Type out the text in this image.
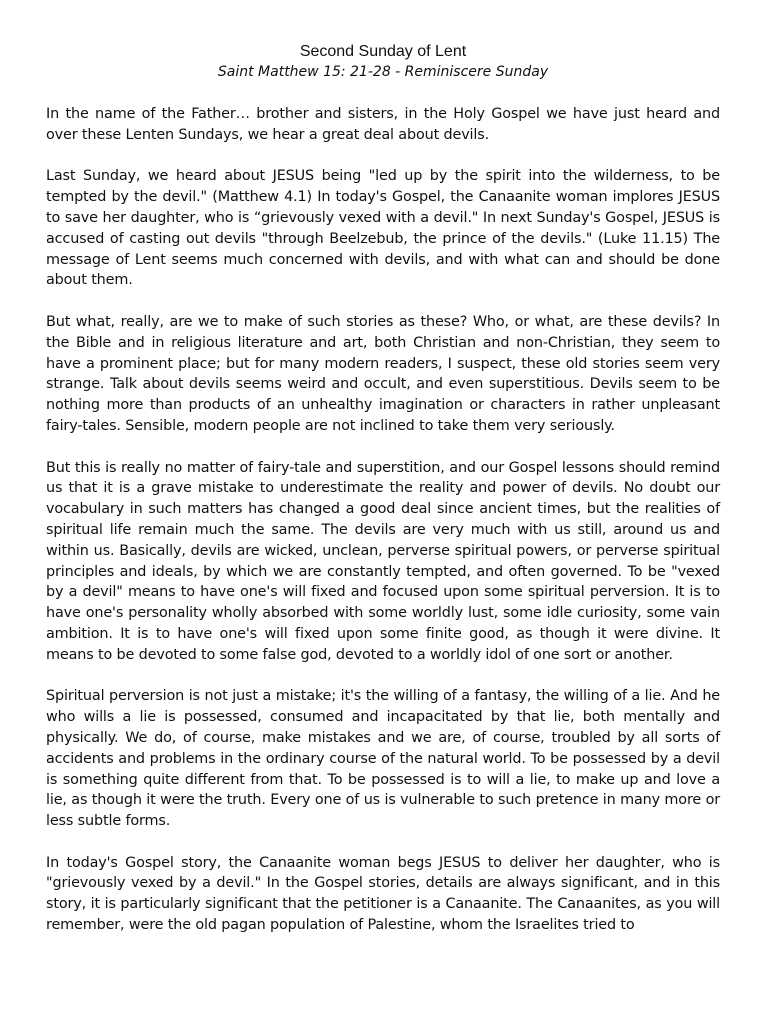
Second Sunday of Lent
Saint Matthew 15: 21-28 - Reminiscere Sunday

In the name of the Father… brother and sisters, in the Holy Gospel we have just heard and over these Lenten Sundays, we hear a great deal about devils.

Last Sunday, we heard about JESUS being "led up by the spirit into the wilderness, to be tempted by the devil." (Matthew 4.1) In today's Gospel, the Canaanite woman implores JESUS to save her daughter, who is “grievously vexed with a devil." In next Sunday's Gospel, JESUS is accused of casting out devils "through Beelzebub, the prince of the devils." (Luke 11.15) The message of Lent seems much concerned with devils, and with what can and should be done about them.

But what, really, are we to make of such stories as these? Who, or what, are these devils? In the Bible and in religious literature and art, both Christian and non-Christian, they seem to have a prominent place; but for many modern readers, I suspect, these old stories seem very strange. Talk about devils seems weird and occult, and even superstitious. Devils seem to be nothing more than products of an unhealthy imagination or characters in rather unpleasant fairy-tales. Sensible, modern people are not inclined to take them very seriously.

But this is really no matter of fairy-tale and superstition, and our Gospel lessons should remind us that it is a grave mistake to underestimate the reality and power of devils. No doubt our vocabulary in such matters has changed a good deal since ancient times, but the realities of spiritual life remain much the same. The devils are very much with us still, around us and within us. Basically, devils are wicked, unclean, perverse spiritual powers, or perverse spiritual principles and ideals, by which we are constantly tempted, and often governed. To be "vexed by a devil" means to have one's will fixed and focused upon some spiritual perversion. It is to have one's personality wholly absorbed with some worldly lust, some idle curiosity, some vain ambition. It is to have one's will fixed upon some finite good, as though it were divine. It means to be devoted to some false god, devoted to a worldly idol of one sort or another.

Spiritual perversion is not just a mistake; it's the willing of a fantasy, the willing of a lie. And he who wills a lie is possessed, consumed and incapacitated by that lie, both mentally and physically. We do, of course, make mistakes and we are, of course, troubled by all sorts of accidents and problems in the ordinary course of the natural world. To be possessed by a devil is something quite different from that. To be possessed is to will a lie, to make up and love a lie, as though it were the truth. Every one of us is vulnerable to such pretence in many more or less subtle forms.

In today's Gospel story, the Canaanite woman begs JESUS to deliver her daughter, who is "grievously vexed by a devil." In the Gospel stories, details are always significant, and in this story, it is particularly significant that the petitioner is a Canaanite. The Canaanites, as you will remember, were the old pagan population of Palestine, whom the Israelites tried to
